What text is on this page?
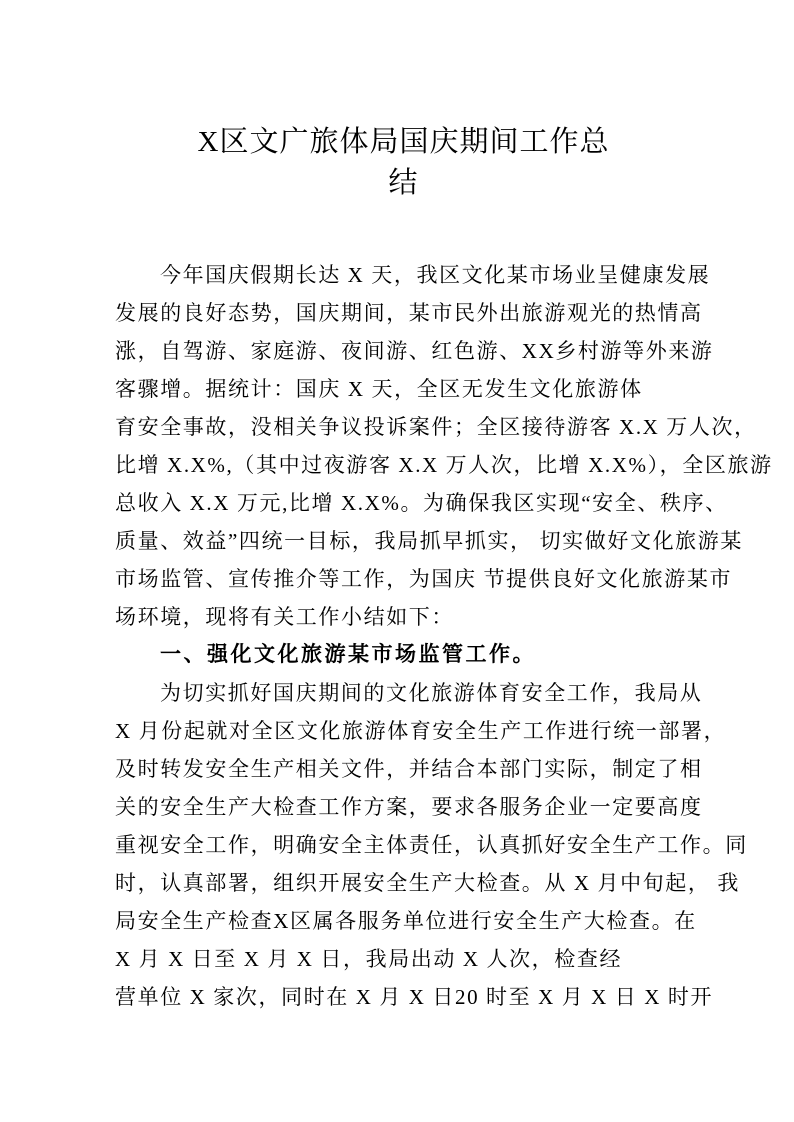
X区文广旅体局国庆期间工作总
结
今年国庆假期长达 X 天，我区文化某市场业呈健康发展
发展的良好态势，国庆期间，某市民外出旅游观光的热情高
涨，自驾游、家庭游、夜间游、红色游、XX乡村游等外来游
客骤增。据统计：国庆 X 天，全区无发生文化旅游体
育安全事故，没相关争议投诉案件；全区接待游客 X.X 万人次，
比增 X.X%,（其中过夜游客 X.X 万人次，比增 X.X%），全区旅游
总收入 X.X 万元,比增 X.X%。为确保我区实现“安全、秩序、
质量、效益”四统一目标，我局抓早抓实， 切实做好文化旅游某
市场监管、宣传推介等工作，为国庆 节提供良好文化旅游某市
场环境，现将有关工作小结如下：
一、强化文化旅游某市场监管工作。
为切实抓好国庆期间的文化旅游体育安全工作，我局从
X 月份起就对全区文化旅游体育安全生产工作进行统一部署，
及时转发安全生产相关文件，并结合本部门实际，制定了相
关的安全生产大检查工作方案，要求各服务企业一定要高度
重视安全工作，明确安全主体责任，认真抓好安全生产工作。同
时，认真部署，组织开展安全生产大检查。从 X 月中旬起， 我
局安全生产检查X区属各服务单位进行安全生产大检查。在
X 月 X 日至 X 月 X 日，我局出动 X 人次，检查经
营单位 X 家次，同时在 X 月 X 日20 时至 X 月 X 日 X 时开
